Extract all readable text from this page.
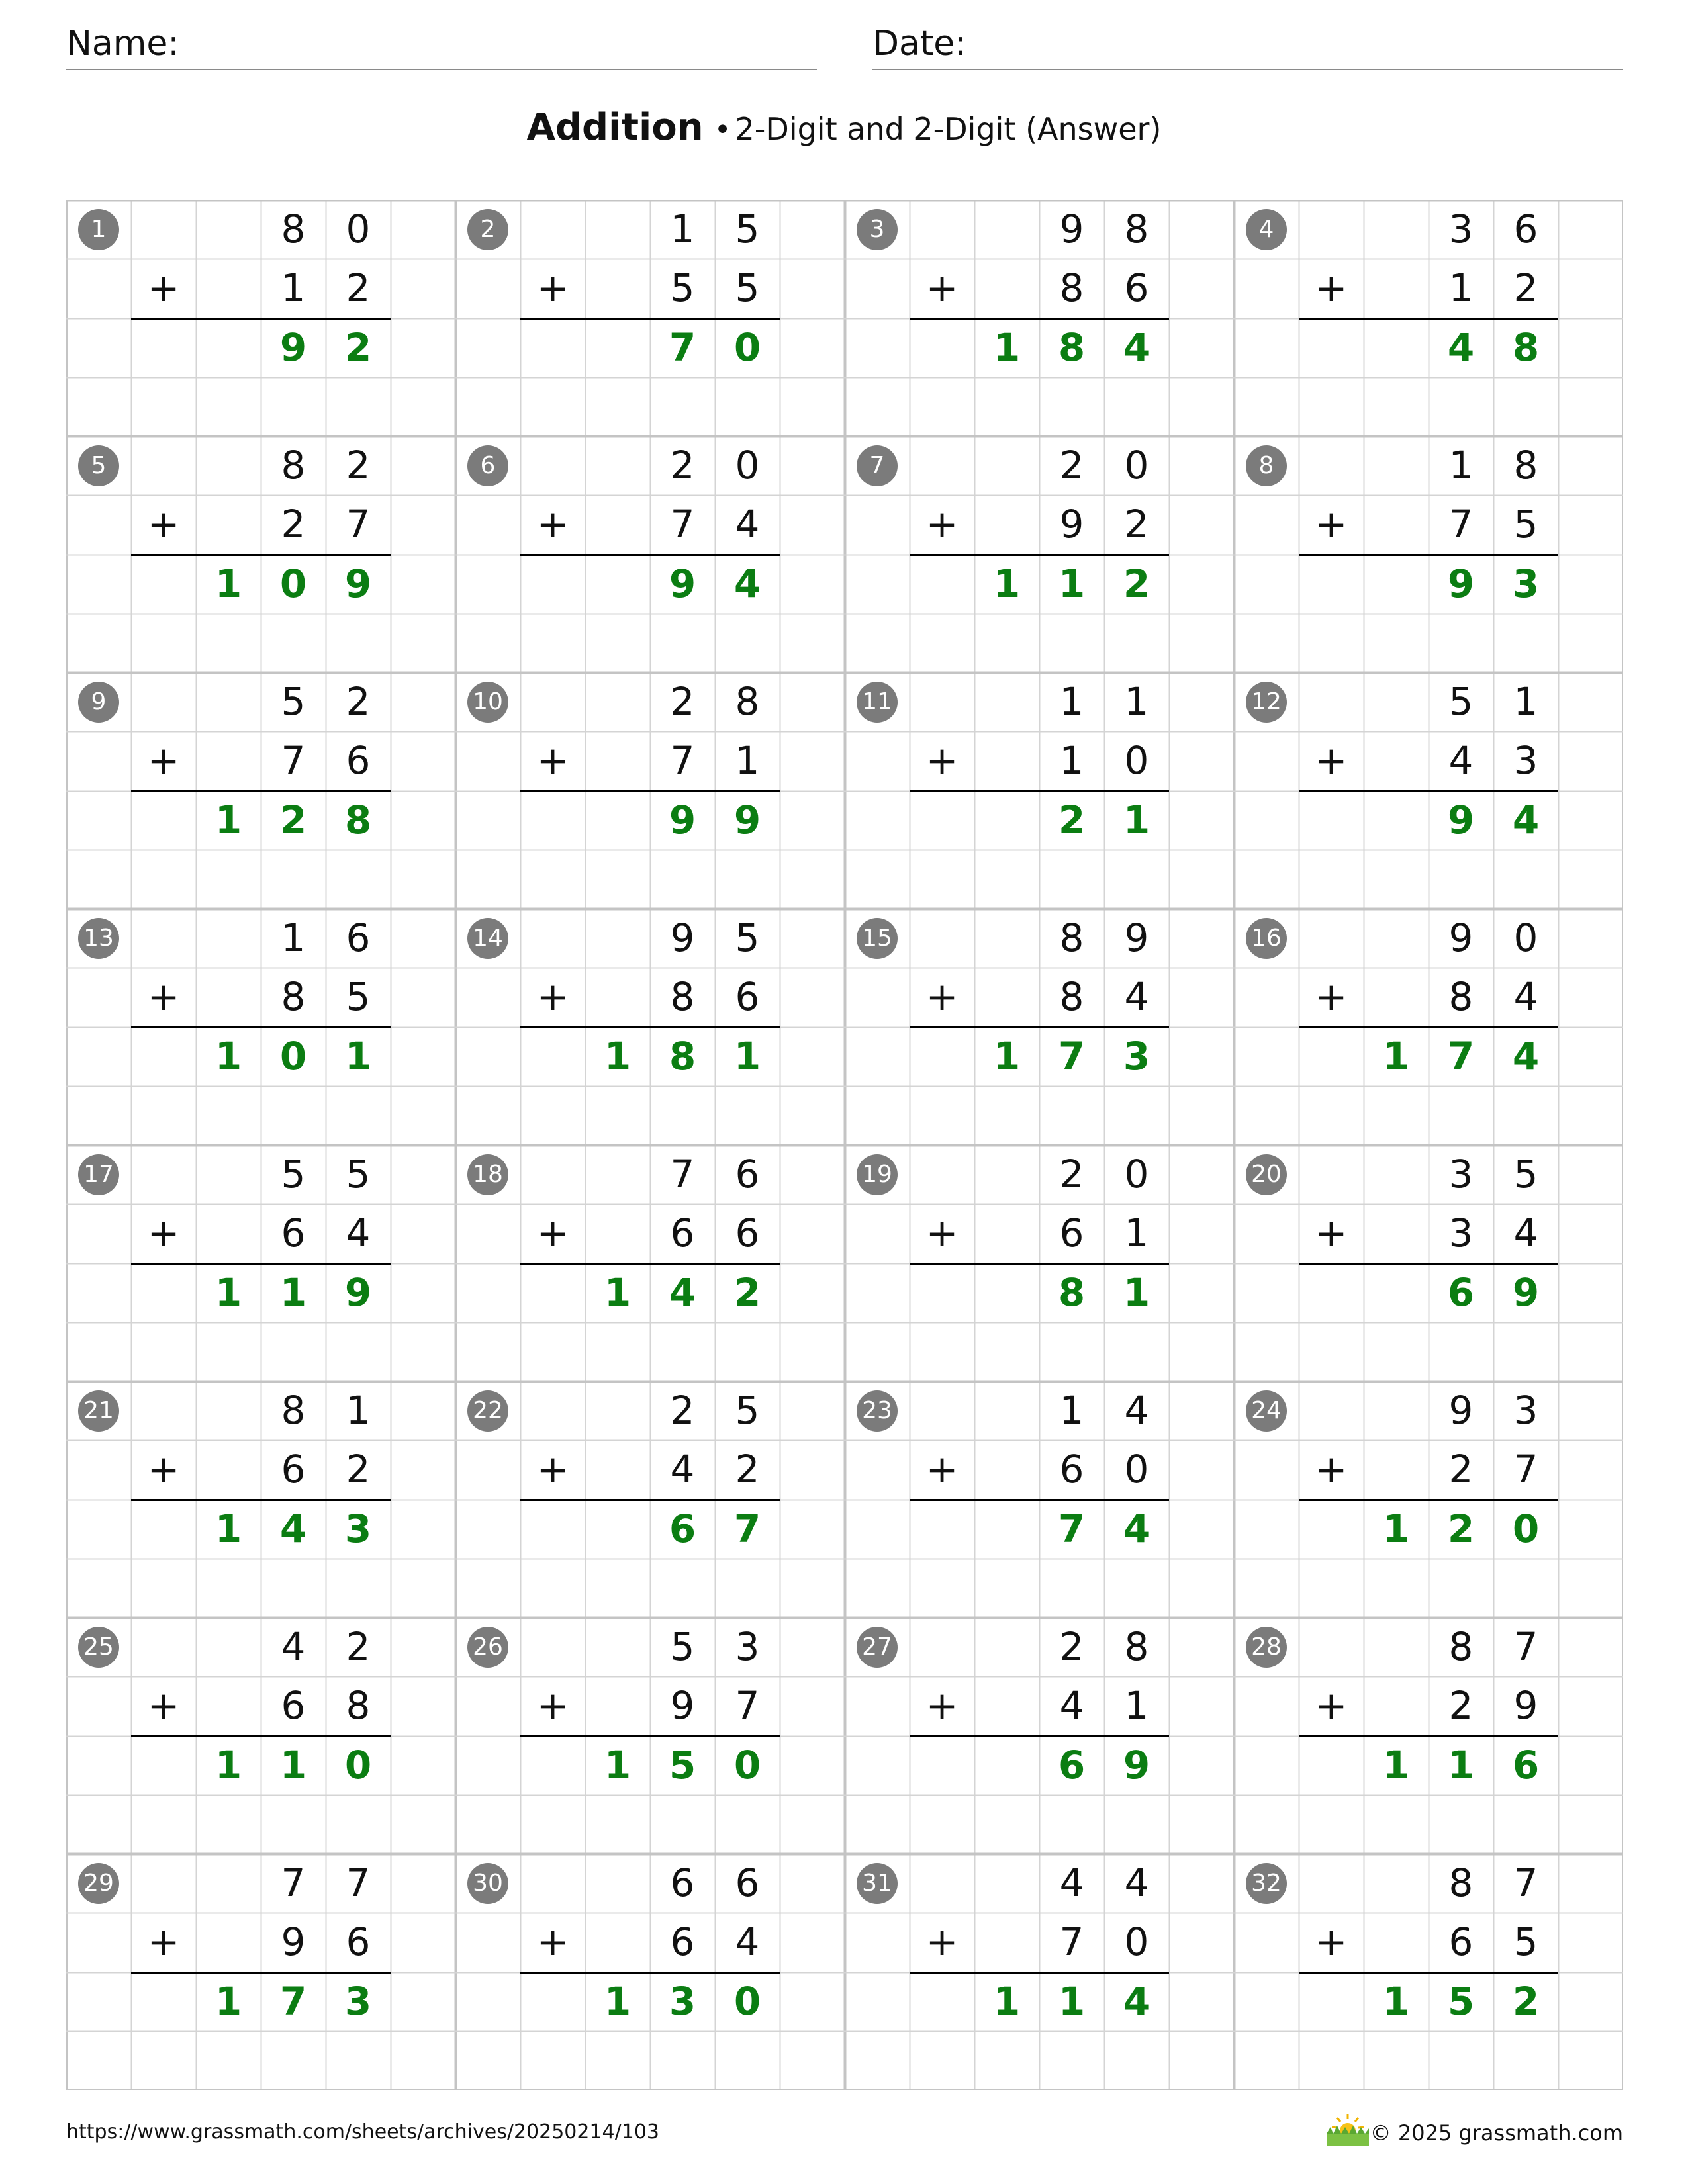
Name:	Date:
Addition • 2-Digit and 2-Digit (Answer)
1
+
8	0
1	2
9 2
2
+
1	5
5	5
7 0
3
+
9	8
8	6
1 8 4
4
+
3	6
1	2
4 8
5
+
8	2
2	7
1 0 9
6
+
2	0
7	4
9 4
7
+
2	0
9	2
1 1 2
8
+
1	8
7	5
9 3
9
+
5	2
7	6
1 2 8
10
+
2	8
7	1
9 9
11
+
1	1
1	0
2 1
12
+
5	1
4	3
9 4
13
+
1	6
8	5
1 0 1
14
+
9	5
8	6
1 8 1
15
+
8	9
8	4
1 7 3
16
+
9	0
8	4
1 7 4
17
+
5	5
6	4
1 1 9
18
+
7	6
6	6
1 4 2
19
+
2	0
6	1
8 1
20
+
3	5
3	4
6 9
21
+
8	1
6	2
1 4 3
22
+
2	5
4	2
6 7
23
+
1	4
6	0
7 4
24
+
9	3
2	7
1 2 0
25
+
4	2
6	8
1 1 0
26
+
5	3
9	7
1 5 0
27
+
2	8
4	1
6 9
28
+
8	7
2	9
1 1 6
29
+
7	7
9	6
1 7 3
30
+
6	6
6	4
1 3 0
31
+
4	4
7	0
1 1 4
32
+
8	7
6	5
1 5 2
https://www.grassmath.com/sheets/archives/20250214/103	© 2025 grassmath.com
